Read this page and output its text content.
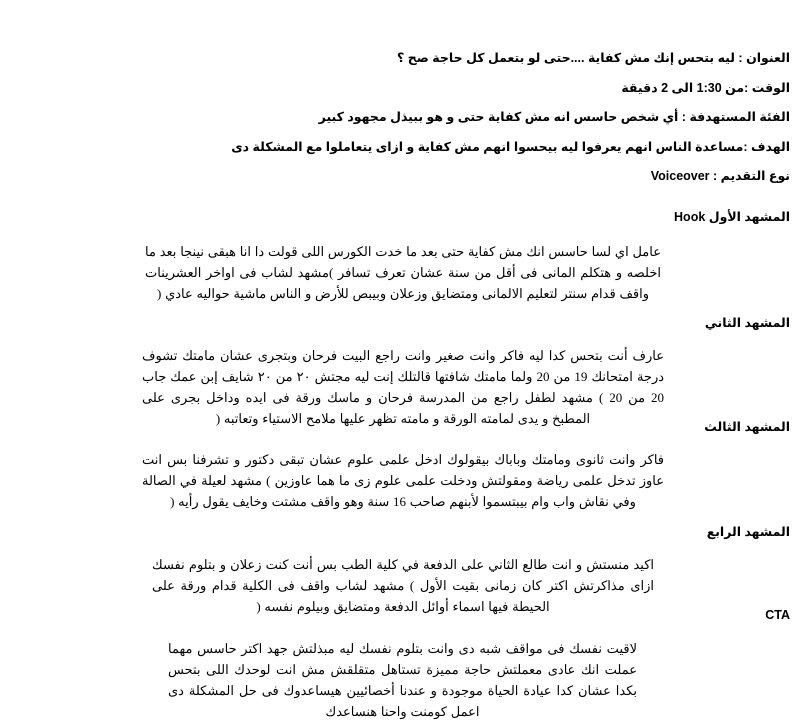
العنوان : ليه بتحس إنك مش كفاية ....حتى لو بتعمل كل حاجة صح ؟
الوقت :من 1:30 الى 2 دقيقة
الفئة المستهدفة : أي شخص حاسس انه مش كفاية حتى و هو ببيذل مجهود كبير
الهدف :مساعدة الناس انهم يعرفوا ليه بيحسوا انهم مش كفاية و ازاى يتعاملوا مع المشكلة دى
نوع التقديم : Voiceover
المشهد الأول Hook
عامل اي لسا حاسس انك مش كفاية حتى بعد ما خدت الكورس اللى قولت دا انا هبقى نينجا بعد ما اخلصه و هتكلم المانى فى أقل من سنة عشان تعرف تسافر )مشهد لشاب فى اواخر العشرينات واقف قدام سنتر لتعليم الالمانى ومتضايق وزعلان وبيبص للأرض و الناس ماشية حواليه عادي (
المشهد الثاني
عارف أنت بتحس كدا ليه فاكر وانت صغير وانت راجع البيت فرحان وبتجرى عشان مامتك تشوف درجة امتحانك 19 من 20 ولما مامتك شافتها قالتلك إنت ليه مجتش ٢٠ من ٢٠ شايف إبن عمك جاب 20 من 20 ) مشهد لطفل راجع من المدرسة فرحان و ماسك ورقة فى ايده وداخل بجرى على المطبخ و يدى لمامته الورقة و مامته تظهر عليها ملامح الاستياء وتعاتبه (
المشهد الثالث
فاكر وانت ثانوى ومامتك وباباك بيقولوك ادخل علمى علوم عشان تبقى دكتور و تشرفنا بس انت عاوز تدخل علمى رياضة ومقولتش ودخلت علمى علوم زى ما هما عاوزين ) مشهد لعيلة في الصالة وفي نقاش واب وام بيبتسموا لأبنهم صاحب 16 سنة وهو واقف مشتت وخايف يقول رأيه (
المشهد الرابع
اكيد منستش و انت طالع الثاني على الدفعة في كلية الطب بس أنت كنت زعلان و بتلوم نفسك ازاى مذاكرتش اكتر كان زمانى بقيت الأول ) مشهد لشاب واقف فى الكلية قدام ورقة على الحيطة فيها اسماء أوائل الدفعة ومتضايق وبيلوم نفسه (
CTA
لاقيت نفسك فى مواقف شبه دى وانت بتلوم نفسك ليه مبذلتش جهد اكتر حاسس مهما عملت انك عادى معملتش حاجة مميزة تستاهل متقلقش مش انت لوحدك اللى بتحس بكدا عشان كدا عيادة الحياة موجودة و عندنا أخصائيين هيساعدوك فى حل المشكلة دى اعمل كومنت واحنا هنساعدك
